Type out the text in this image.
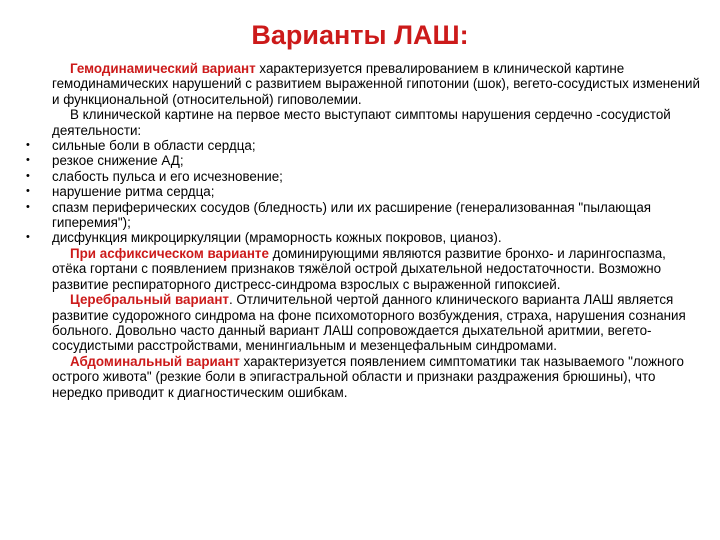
Варианты ЛАШ:

Гемодинамический вариант характеризуется превалированием в клинической картине гемодинамических нарушений с развитием выраженной гипотонии (шок), вегето-сосудистых изменений и функциональной (относительной) гиповолемии.

В клинической картине на первое место выступают симптомы нарушения сердечно -сосудистой деятельности:

• сильные боли в области сердца;
• резкое снижение АД;
• слабость пульса и его исчезновение;
• нарушение ритма сердца;
• спазм периферических сосудов (бледность) или их расширение (генерализованная "пылающая гиперемия");
• дисфункция микроциркуляции (мраморность кожных покровов, цианоз).

При асфиксическом варианте доминирующими являются развитие бронхо- и ларингоспазма, отёка гортани с появлением признаков тяжёлой острой дыхательной недостаточности. Возможно развитие респираторного дистресс-синдрома взрослых с выраженной гипоксией.

Церебральный вариант. Отличительной чертой данного клинического варианта ЛАШ является развитие судорожного синдрома на фоне психомоторного возбуждения, страха, нарушения сознания больного. Довольно часто данный вариант ЛАШ сопровождается дыхательной аритмии, вегето-сосудистыми расстройствами, менингиальным и мезенцефальным синдромами.

Абдоминальный вариант характеризуется появлением симптоматики так называемого "ложного острого живота" (резкие боли в эпигастральной области и признаки раздражения брюшины), что нередко приводит к диагностическим ошибкам.
